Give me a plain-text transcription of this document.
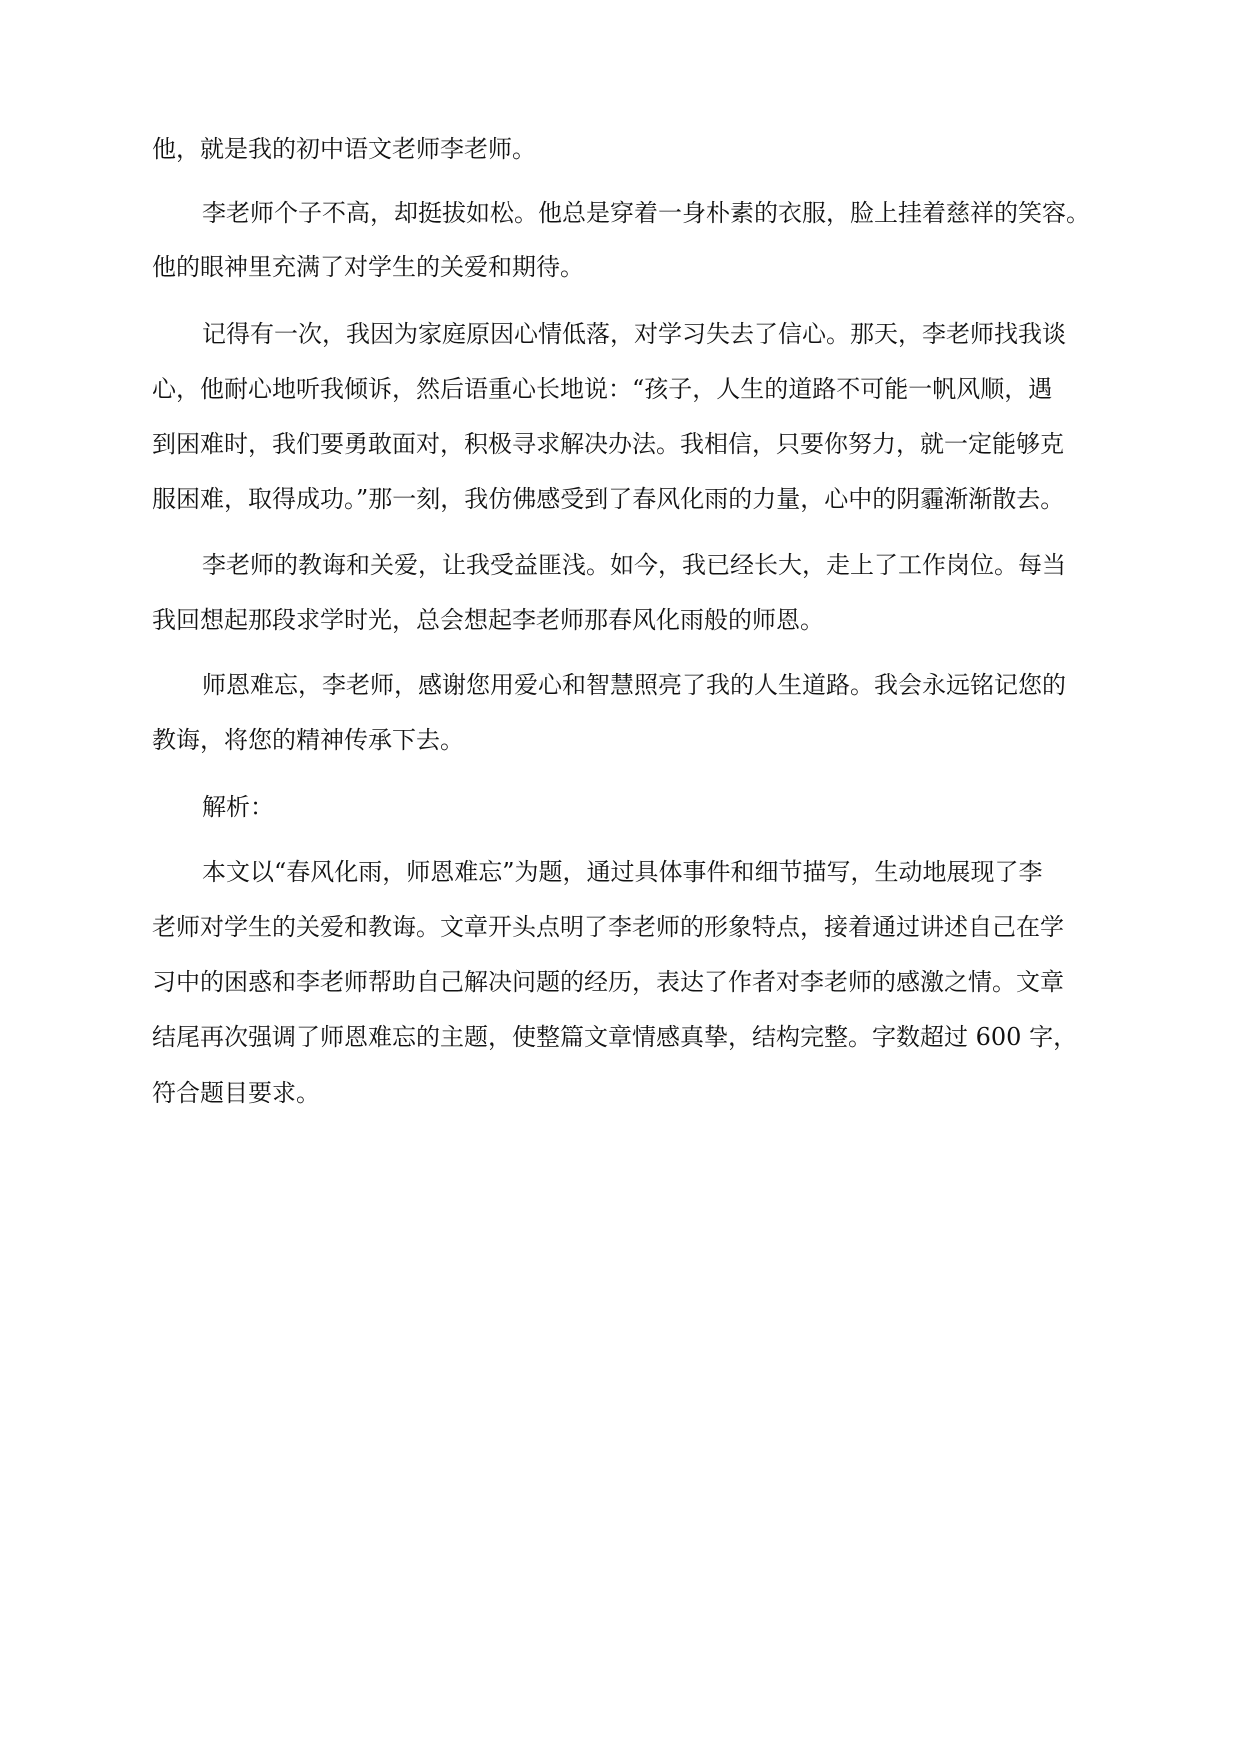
他，就是我的初中语文老师李老师。

李老师个子不高，却挺拔如松。他总是穿着一身朴素的衣服，脸上挂着慈祥的笑容。

他的眼神里充满了对学生的关爱和期待。

记得有一次，我因为家庭原因心情低落，对学习失去了信心。那天，李老师找我谈

心，他耐心地听我倾诉，然后语重心长地说：“孩子，人生的道路不可能一帆风顺，遇

到困难时，我们要勇敢面对，积极寻求解决办法。我相信，只要你努力，就一定能够克

服困难，取得成功。”那一刻，我仿佛感受到了春风化雨的力量，心中的阴霾渐渐散去。

李老师的教诲和关爱，让我受益匪浅。如今，我已经长大，走上了工作岗位。每当

我回想起那段求学时光，总会想起李老师那春风化雨般的师恩。

师恩难忘，李老师，感谢您用爱心和智慧照亮了我的人生道路。我会永远铭记您的

教诲，将您的精神传承下去。

解析：

本文以“春风化雨，师恩难忘”为题，通过具体事件和细节描写，生动地展现了李

老师对学生的关爱和教诲。文章开头点明了李老师的形象特点，接着通过讲述自己在学

习中的困惑和李老师帮助自己解决问题的经历，表达了作者对李老师的感激之情。文章

结尾再次强调了师恩难忘的主题，使整篇文章情感真挚，结构完整。字数超过 600 字，

符合题目要求。
